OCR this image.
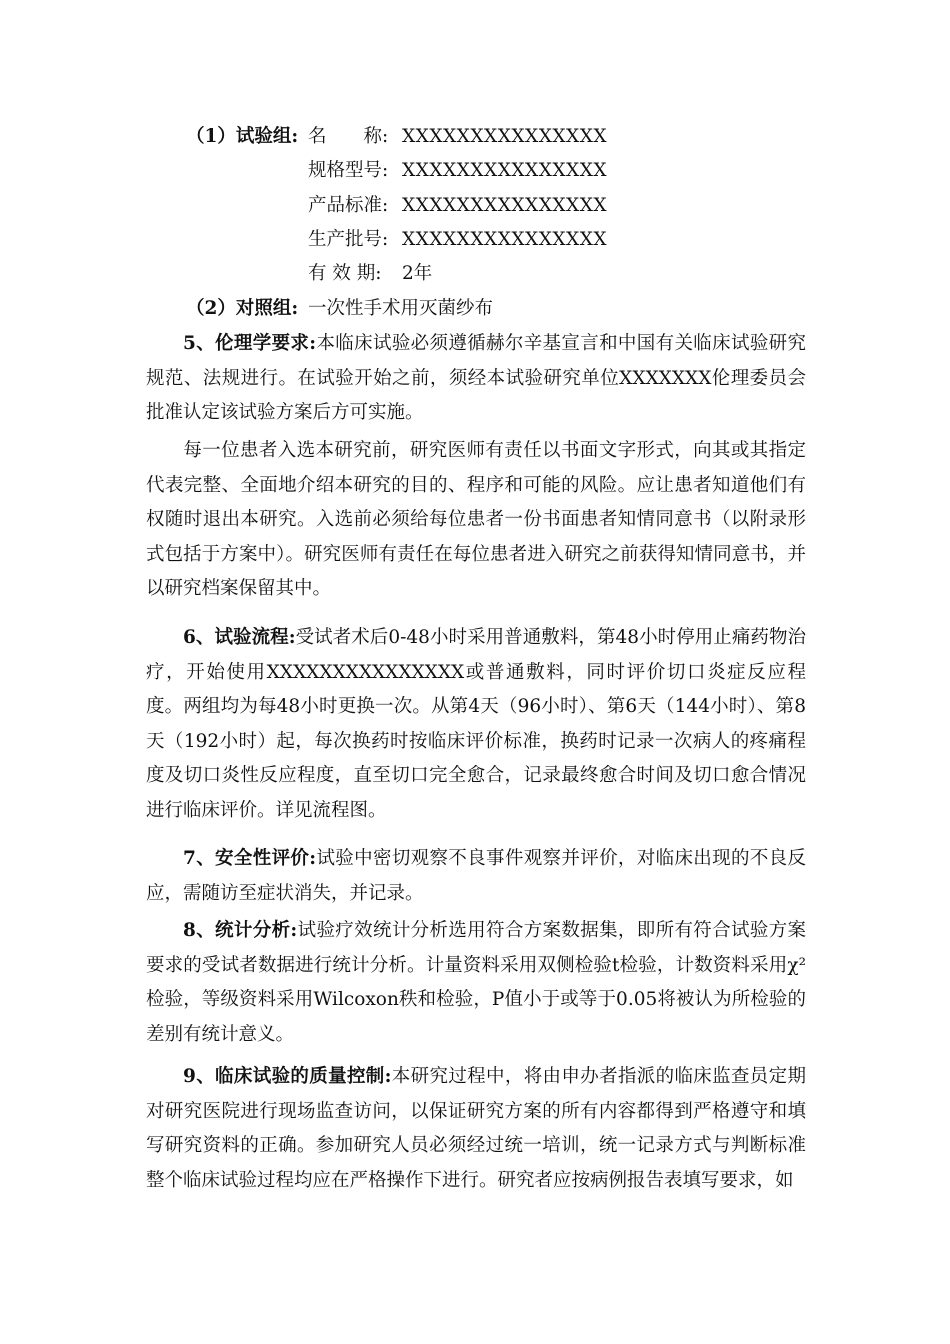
（1）试验组: 名　　称: XXXXXXXXXXXXXXX
规格型号: XXXXXXXXXXXXXXX
产品标准: XXXXXXXXXXXXXXX
生产批号: XXXXXXXXXXXXXXX
有 效 期: 2年
（2）对照组: 一次性手术用灭菌纱布

5、伦理学要求:本临床试验必须遵循赫尔辛基宣言和中国有关临床试验研究规范、法规进行。在试验开始之前，须经本试验研究单位XXXXXXX伦理委员会批准认定该试验方案后方可实施。

每一位患者入选本研究前，研究医师有责任以书面文字形式，向其或其指定代表完整、全面地介绍本研究的目的、程序和可能的风险。应让患者知道他们有权随时退出本研究。入选前必须给每位患者一份书面患者知情同意书（以附录形式包括于方案中）。研究医师有责任在每位患者进入研究之前获得知情同意书，并以研究档案保留其中。

6、试验流程:受试者术后0-48小时采用普通敷料，第48小时停用止痛药物治疗，开始使用XXXXXXXXXXXXXXX或普通敷料，同时评价切口炎症反应程度。两组均为每48小时更换一次。从第4天（96小时）、第6天（144小时）、第8天（192小时）起，每次换药时按临床评价标准，换药时记录一次病人的疼痛程度及切口炎性反应程度，直至切口完全愈合，记录最终愈合时间及切口愈合情况进行临床评价。详见流程图。

7、安全性评价:试验中密切观察不良事件观察并评价，对临床出现的不良反应，需随访至症状消失，并记录。

8、统计分析:试验疗效统计分析选用符合方案数据集，即所有符合试验方案要求的受试者数据进行统计分析。计量资料采用双侧检验t检验，计数资料采用χ²检验，等级资料采用Wilcoxon秩和检验，P值小于或等于0.05将被认为所检验的差别有统计意义。

9、临床试验的质量控制:本研究过程中，将由申办者指派的临床监查员定期对研究医院进行现场监查访问，以保证研究方案的所有内容都得到严格遵守和填写研究资料的正确。参加研究人员必须经过统一培训，统一记录方式与判断标准整个临床试验过程均应在严格操作下进行。研究者应按病例报告表填写要求，如
